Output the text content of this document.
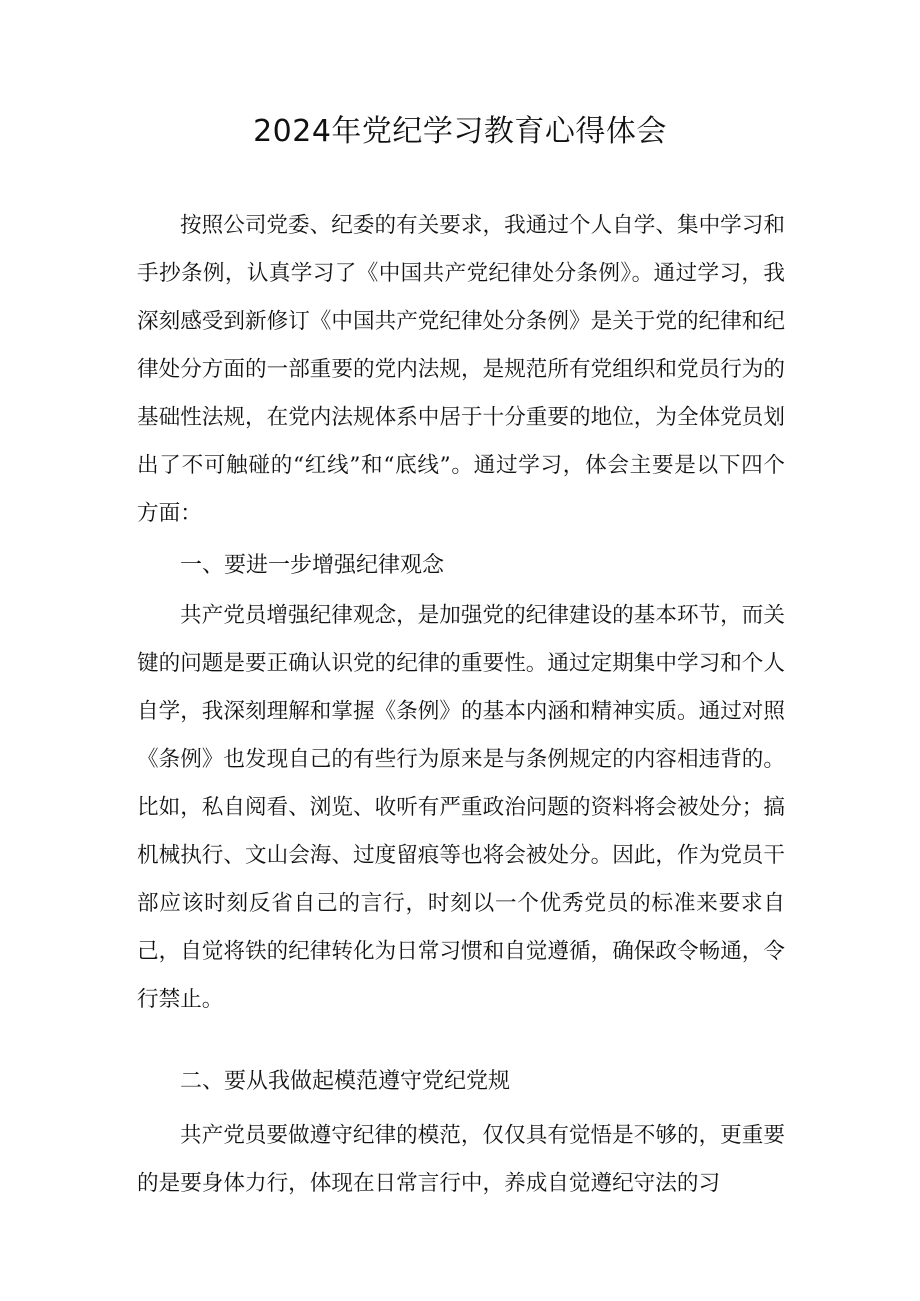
2024年党纪学习教育心得体会

按照公司党委、纪委的有关要求，我通过个人自学、集中学习和手抄条例，认真学习了《中国共产党纪律处分条例》。通过学习，我深刻感受到新修订《中国共产党纪律处分条例》是关于党的纪律和纪律处分方面的一部重要的党内法规，是规范所有党组织和党员行为的基础性法规，在党内法规体系中居于十分重要的地位，为全体党员划出了不可触碰的“红线”和“底线”。通过学习，体会主要是以下四个方面：

一、要进一步增强纪律观念

共产党员增强纪律观念，是加强党的纪律建设的基本环节，而关键的问题是要正确认识党的纪律的重要性。通过定期集中学习和个人自学，我深刻理解和掌握《条例》的基本内涵和精神实质。通过对照《条例》也发现自己的有些行为原来是与条例规定的内容相违背的。比如，私自阅看、浏览、收听有严重政治问题的资料将会被处分；搞机械执行、文山会海、过度留痕等也将会被处分。因此，作为党员干部应该时刻反省自己的言行，时刻以一个优秀党员的标准来要求自己，自觉将铁的纪律转化为日常习惯和自觉遵循，确保政令畅通，令行禁止。

二、要从我做起模范遵守党纪党规

共产党员要做遵守纪律的模范，仅仅具有觉悟是不够的，更重要的是要身体力行，体现在日常言行中，养成自觉遵纪守法的习
